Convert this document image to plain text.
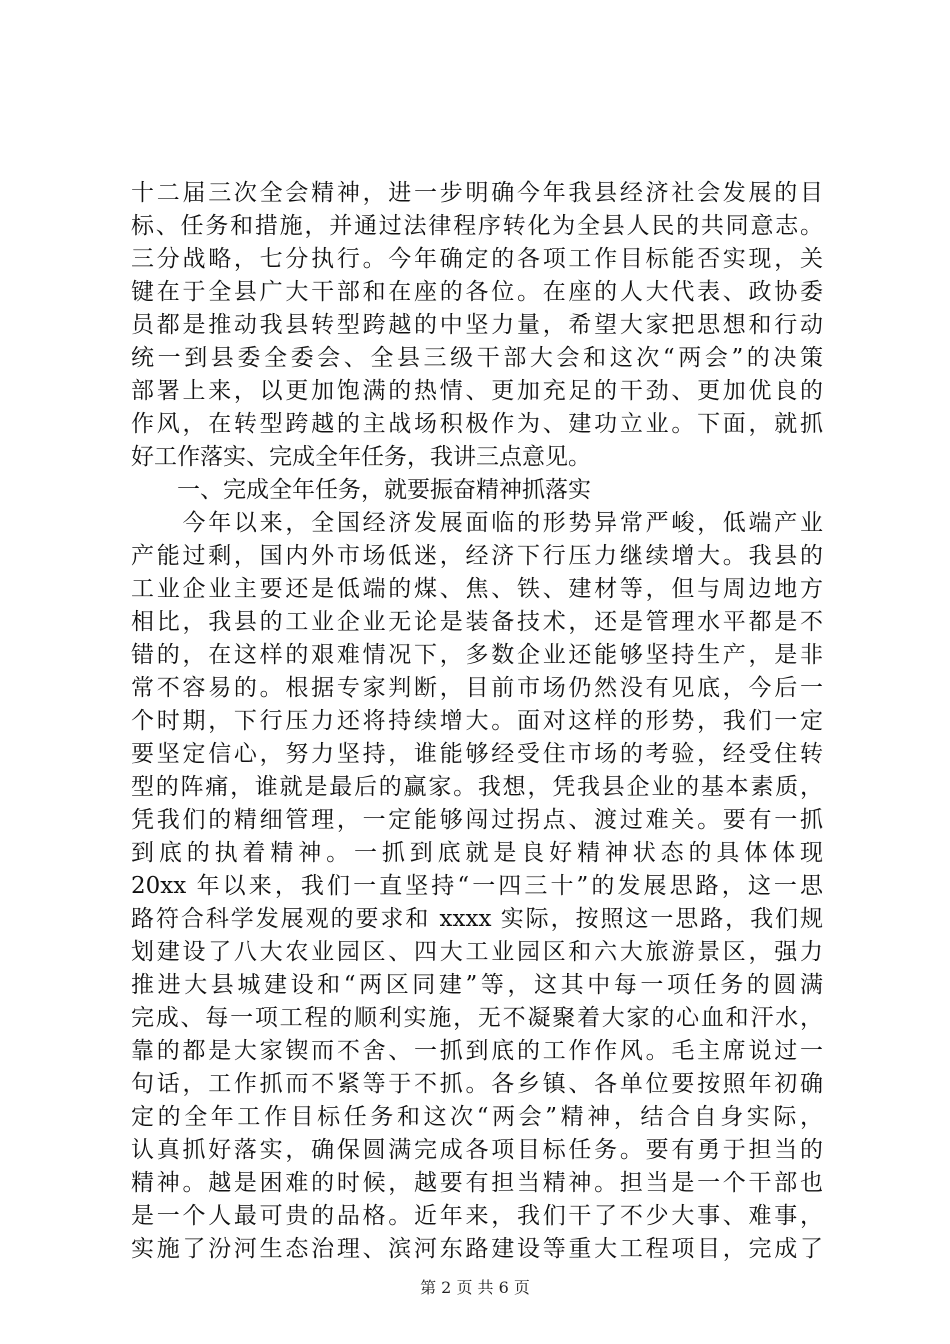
十二届三次全会精神，进一步明确今年我县经济社会发展的目
标、任务和措施，并通过法律程序转化为全县人民的共同意志。
三分战略，七分执行。今年确定的各项工作目标能否实现，关
键在于全县广大干部和在座的各位。在座的人大代表、政协委
员都是推动我县转型跨越的中坚力量，希望大家把思想和行动
统一到县委全委会、全县三级干部大会和这次“两会”的决策
部署上来，以更加饱满的热情、更加充足的干劲、更加优良的
作风，在转型跨越的主战场积极作为、建功立业。下面，就抓
好工作落实、完成全年任务，我讲三点意见。
　　一、完成全年任务，就要振奋精神抓落实
　　今年以来，全国经济发展面临的形势异常严峻，低端产业
产能过剩，国内外市场低迷，经济下行压力继续增大。我县的
工业企业主要还是低端的煤、焦、铁、建材等，但与周边地方
相比，我县的工业企业无论是装备技术，还是管理水平都是不
错的，在这样的艰难情况下，多数企业还能够坚持生产，是非
常不容易的。根据专家判断，目前市场仍然没有见底，今后一
个时期，下行压力还将持续增大。面对这样的形势，我们一定
要坚定信心，努力坚持，谁能够经受住市场的考验，经受住转
型的阵痛，谁就是最后的赢家。我想，凭我县企业的基本素质，
凭我们的精细管理，一定能够闯过拐点、渡过难关。要有一抓
到底的执着精神。一抓到底就是良好精神状态的具体体现
20xx 年以来，我们一直坚持“一四三十”的发展思路，这一思
路符合科学发展观的要求和 xxxx 实际，按照这一思路，我们规
划建设了八大农业园区、四大工业园区和六大旅游景区，强力
推进大县城建设和“两区同建”等，这其中每一项任务的圆满
完成、每一项工程的顺利实施，无不凝聚着大家的心血和汗水，
靠的都是大家锲而不舍、一抓到底的工作作风。毛主席说过一
句话，工作抓而不紧等于不抓。各乡镇、各单位要按照年初确
定的全年工作目标任务和这次“两会”精神，结合自身实际，
认真抓好落实，确保圆满完成各项目标任务。要有勇于担当的
精神。越是困难的时候，越要有担当精神。担当是一个干部也
是一个人最可贵的品格。近年来，我们干了不少大事、难事，
实施了汾河生态治理、滨河东路建设等重大工程项目，完成了
第 2 页 共 6 页
